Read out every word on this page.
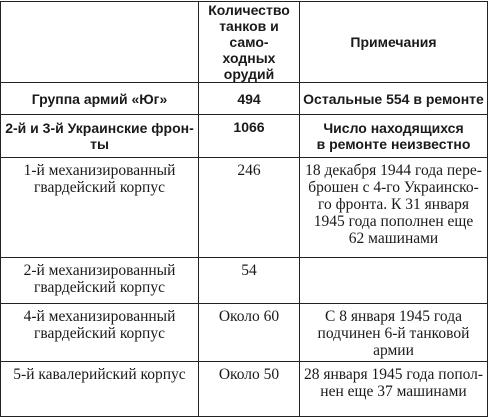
	Количество
танков и само-
ходных орудий	Примечания
Группа армий «Юг»	494	Остальные 554 в ремонте
2-й и 3-й Украинские фрон-
ты	1066	Число находящихся
в ремонте неизвестно
1-й механизированный
гвардейский корпус	246	18 декабря 1944 года пере-
брошен с 4-го Украинско-
го фронта. К 31 января
1945 года пополнен еще
62 машинами
2-й механизированный
гвардейский корпус	54	
4-й механизированный
гвардейский корпус	Около 60	С 8 января 1945 года
подчинен 6-й танковой
армии
5-й кавалерийский корпус	Около 50	28 января 1945 года попол-
нен еще 37 машинами
